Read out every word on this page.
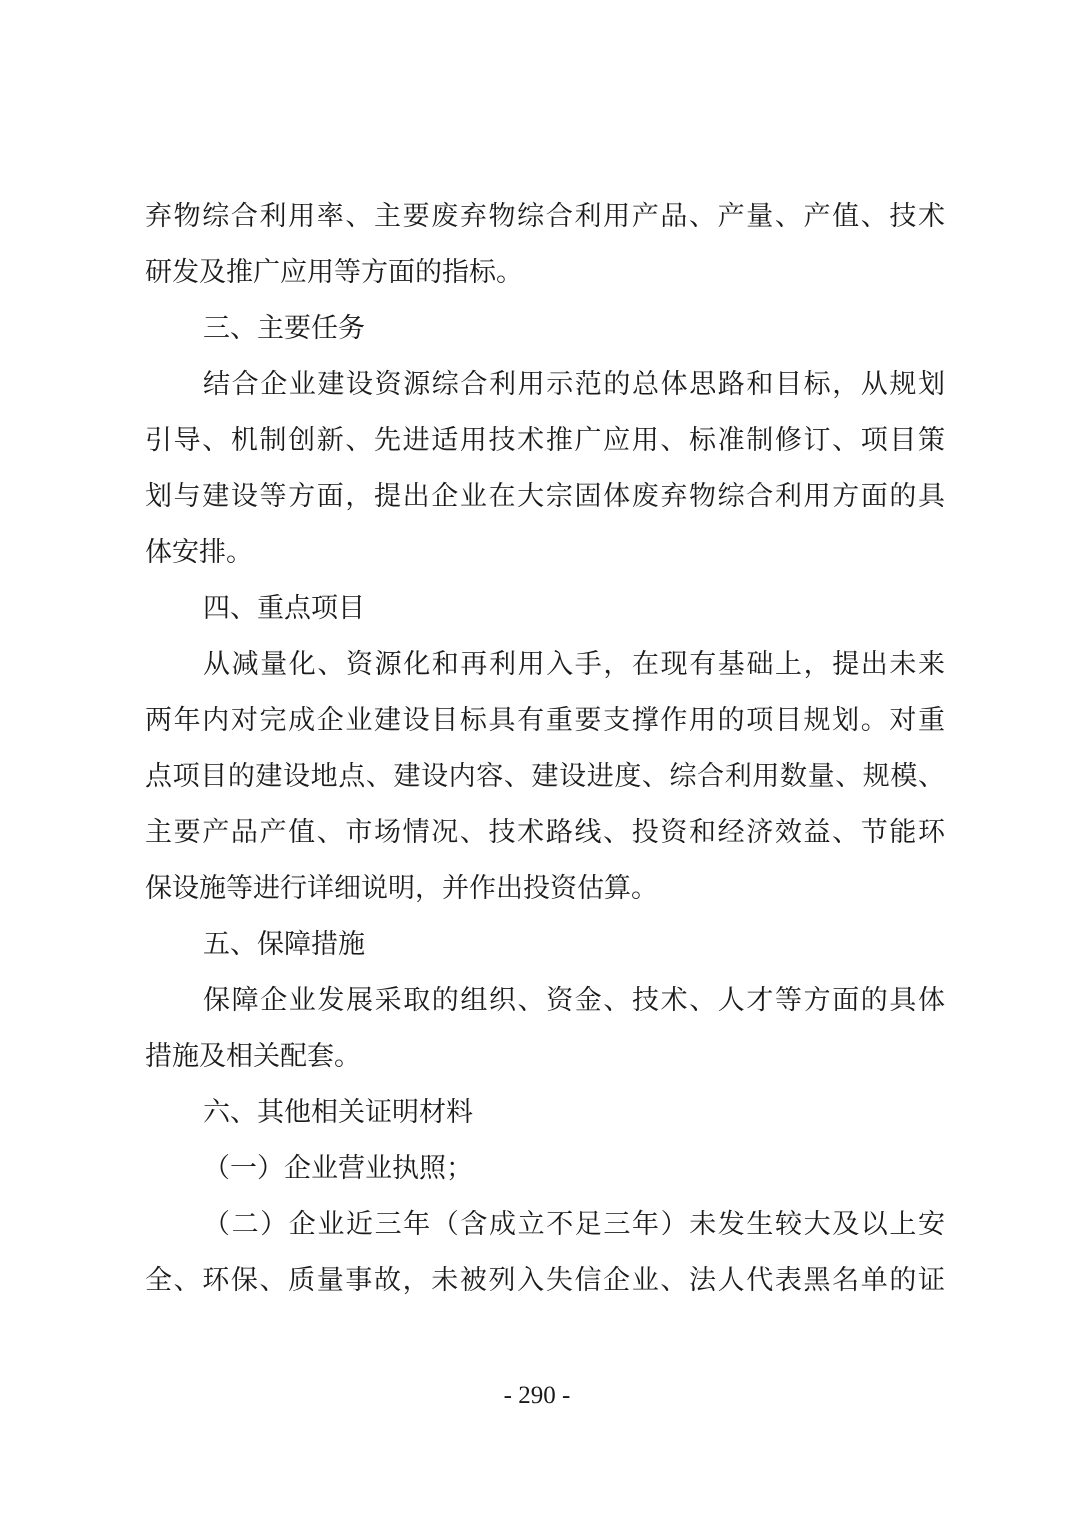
弃物综合利用率、主要废弃物综合利用产品、产量、产值、技术
研发及推广应用等方面的指标。
三、主要任务
结合企业建设资源综合利用示范的总体思路和目标，从规划
引导、机制创新、先进适用技术推广应用、标准制修订、项目策
划与建设等方面，提出企业在大宗固体废弃物综合利用方面的具
体安排。
四、重点项目
从减量化、资源化和再利用入手，在现有基础上，提出未来
两年内对完成企业建设目标具有重要支撑作用的项目规划。对重
点项目的建设地点、建设内容、建设进度、综合利用数量、规模、
主要产品产值、市场情况、技术路线、投资和经济效益、节能环
保设施等进行详细说明，并作出投资估算。
五、保障措施
保障企业发展采取的组织、资金、技术、人才等方面的具体
措施及相关配套。
六、其他相关证明材料
（一）企业营业执照；
（二）企业近三年（含成立不足三年）未发生较大及以上安
全、环保、质量事故，未被列入失信企业、法人代表黑名单的证
- 290 -
